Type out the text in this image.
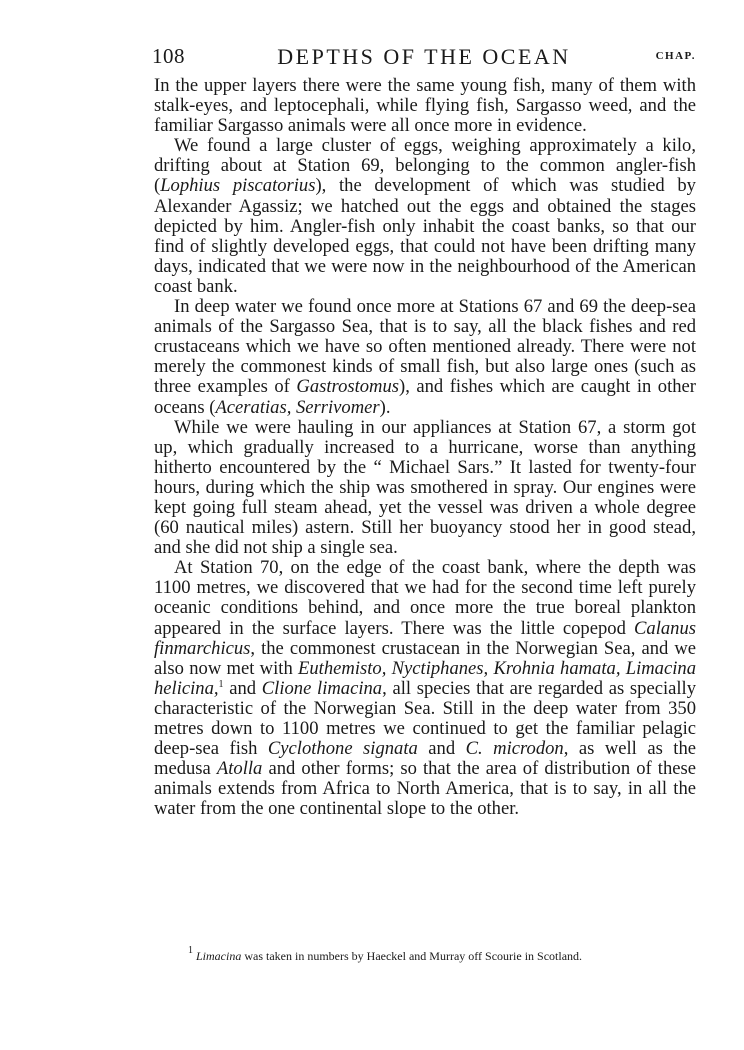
108	DEPTHS OF THE OCEAN	CHAP.

In the upper layers there were the same young fish, many of them with stalk-eyes, and leptocephali, while flying fish, Sargasso weed, and the familiar Sargasso animals were all once more in evidence.

We found a large cluster of eggs, weighing approximately a kilo, drifting about at Station 69, belonging to the common angler-fish (Lophius piscatorius), the development of which was studied by Alexander Agassiz; we hatched out the eggs and obtained the stages depicted by him. Angler-fish only inhabit the coast banks, so that our find of slightly developed eggs, that could not have been drifting many days, indicated that we were now in the neighbourhood of the American coast bank.

In deep water we found once more at Stations 67 and 69 the deep-sea animals of the Sargasso Sea, that is to say, all the black fishes and red crustaceans which we have so often mentioned already. There were not merely the commonest kinds of small fish, but also large ones (such as three examples of Gastrostomus), and fishes which are caught in other oceans (Aceratias, Serrivomer).

While we were hauling in our appliances at Station 67, a storm got up, which gradually increased to a hurricane, worse than anything hitherto encountered by the “ Michael Sars.” It lasted for twenty-four hours, during which the ship was smothered in spray. Our engines were kept going full steam ahead, yet the vessel was driven a whole degree (60 nautical miles) astern. Still her buoyancy stood her in good stead, and she did not ship a single sea.

At Station 70, on the edge of the coast bank, where the depth was 1100 metres, we discovered that we had for the second time left purely oceanic conditions behind, and once more the true boreal plankton appeared in the surface layers. There was the little copepod Calanus finmarchicus, the commonest crustacean in the Norwegian Sea, and we also now met with Euthemisto, Nyctiphanes, Krohnia hamata, Limacina helicina,$^1$ and Clione limacina, all species that are regarded as specially characteristic of the Norwegian Sea. Still in the deep water from 350 metres down to 1100 metres we continued to get the familiar pelagic deep-sea fish Cyclothone signata and C. microdon, as well as the medusa Atolla and other forms; so that the area of distribution of these animals extends from Africa to North America, that is to say, in all the water from the one continental slope to the other.

$^1$ Limacina was taken in numbers by Haeckel and Murray off Scourie in Scotland.
